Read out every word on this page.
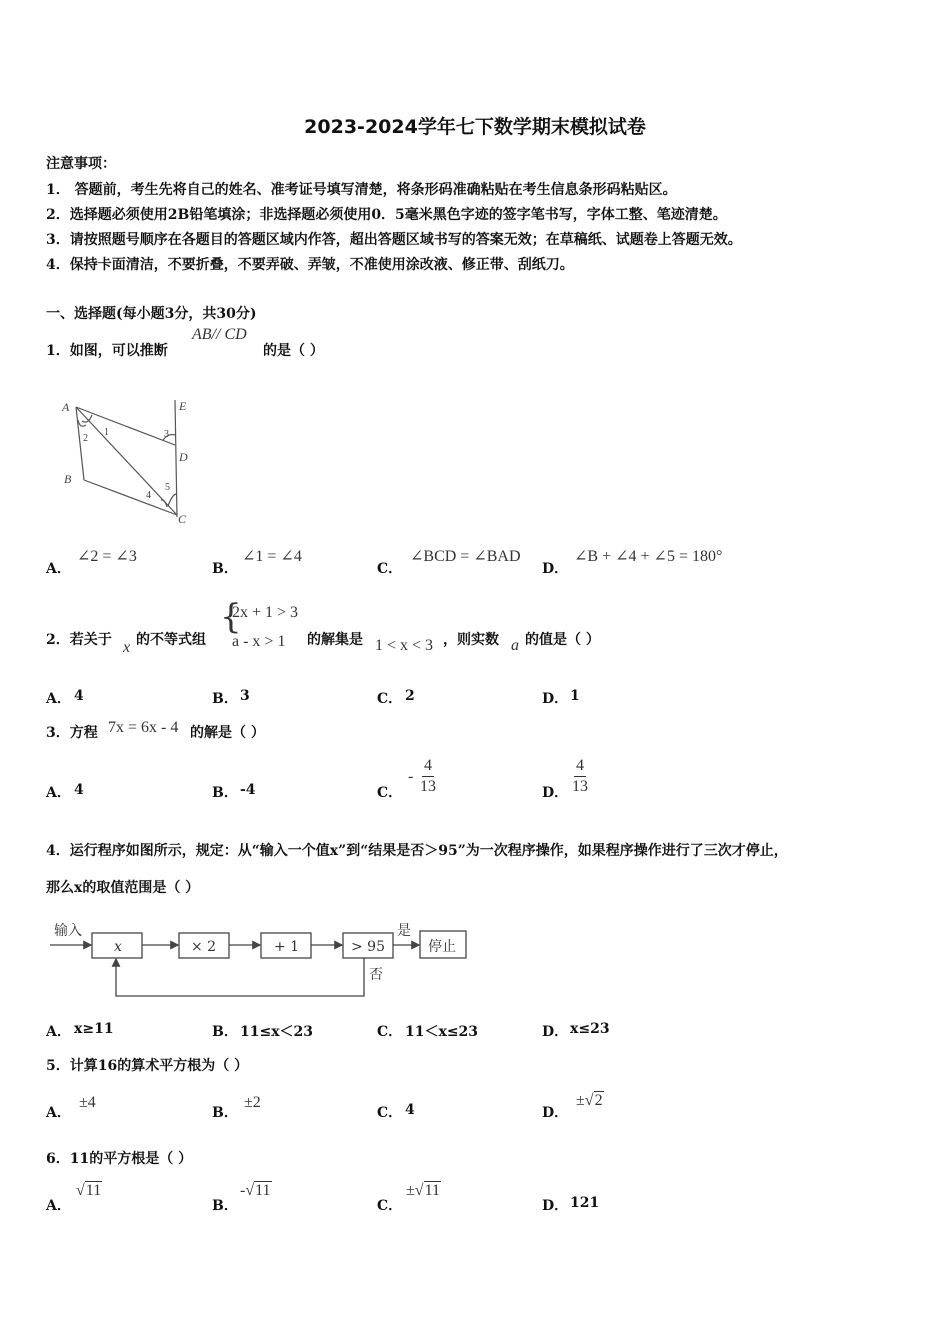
2023-2024学年七下数学期末模拟试卷
注意事项：
1． 答题前，考生先将自己的姓名、准考证号填写清楚，将条形码准确粘贴在考生信息条形码粘贴区。
2．选择题必须使用2B铅笔填涂；非选择题必须使用0．5毫米黑色字迹的签字笔书写，字体工整、笔迹清楚。
3．请按照题号顺序在各题目的答题区域内作答，超出答题区域书写的答案无效；在草稿纸、试题卷上答题无效。
4．保持卡面清洁，不要折叠，不要弄破、弄皱，不准使用涂改液、修正带、刮纸刀。
一、选择题(每小题3分，共30分)
1．如图，可以推断
AB// CD
的是（ ）
A
B
C
D
E
1
2	3
4
5
A．
∠2 = ∠3
B．
∠1 = ∠4
C．
∠BCD = ∠BAD
D．
∠B + ∠4 + ∠5 = 180°
2．若关于 x 的不等式组
{
2x + 1 > 3
a - x > 1 的解集是 1 < x < 3 ，则实数 a 的值是（ ）
A． 4	B． 3	C． 2	D． 1
3．方程 7x = 6x - 4 的解是（ ）
A． 4	B． -4	C．
- $\frac{4}{13}$	D． $\frac{4}{13}$
4．运行程序如图所示，规定：从“输入一个值x”到“结果是否＞95”为一次程序操作，如果程序操作进行了三次才停止，
那么x的取值范围是（ ）
输入
x	× 2	+ 1	> 95
是
停止
否
A． x≥11	B． 11≤x＜23	C． 11＜x≤23	D． x≤23
5．计算16的算术平方根为（ ）
A．
±4
B．
±2
C． 4	D．
±√2
6．11的平方根是（ ）
A．
√11
B．
-√11
C．
±√11
D． 121
